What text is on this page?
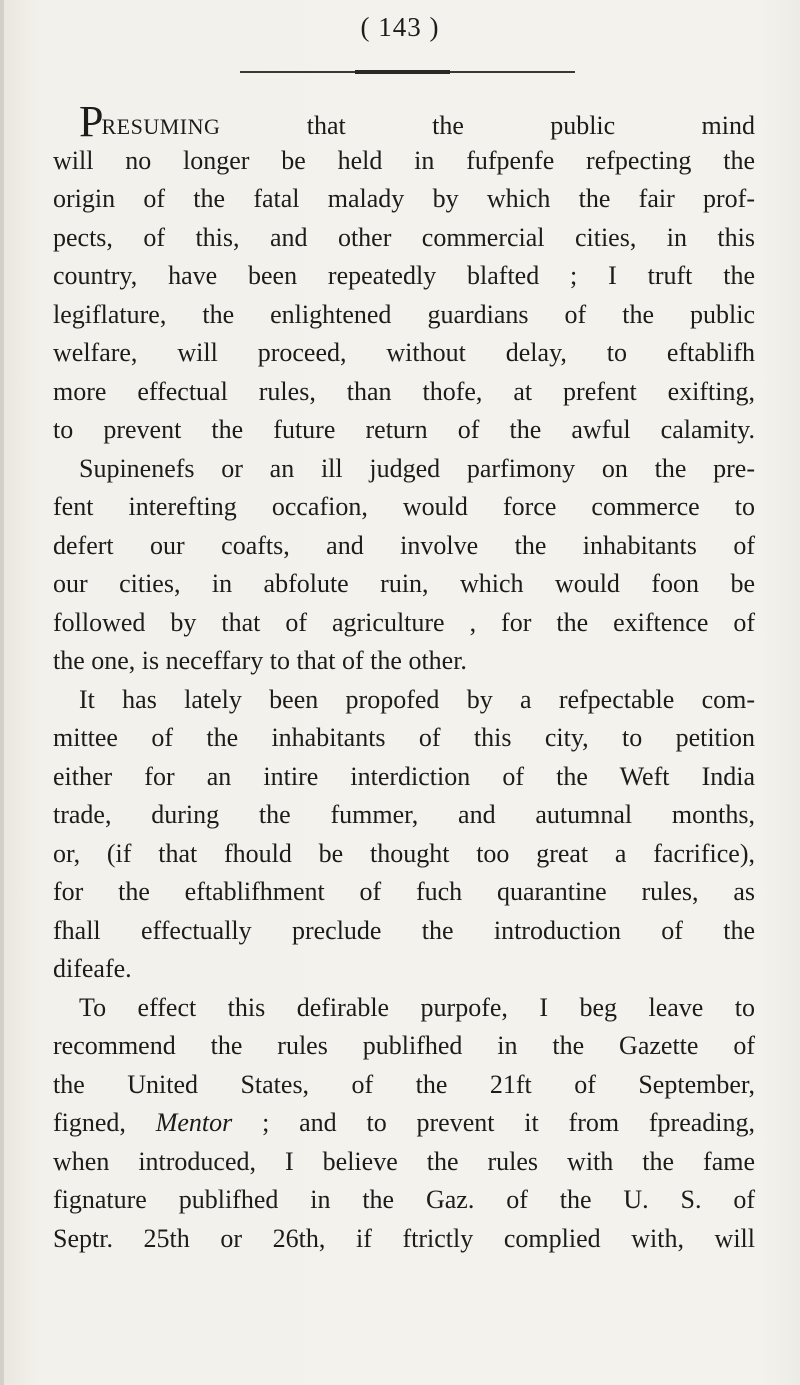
( 143 )
PRESUMING that the public mind
will no longer be held in fufpenfe refpecting the
origin of the fatal malady by which the fair prof-
pects, of this, and other commercial cities, in this
country, have been repeatedly blafted ; I truft the
legiflature, the enlightened guardians of the public
welfare, will proceed, without delay, to eftablifh
more effectual rules, than thofe, at prefent exifting,
to prevent the future return of the awful calamity.
Supinenefs or an ill judged parfimony on the pre-
fent interefting occafion, would force commerce to
defert our coafts, and involve the inhabitants of
our cities, in abfolute ruin, which would foon be
followed by that of agriculture , for the exiftence of
the one, is neceffary to that of the other.
It has lately been propofed by a refpectable com-
mittee of the inhabitants of this city, to petition
either for an intire interdiction of the Weft India
trade, during the fummer, and autumnal months,
or, (if that fhould be thought too great a facrifice),
for the eftablifhment of fuch quarantine rules, as
fhall effectually preclude the introduction of the
difeafe.
To effect this defirable purpofe, I beg leave to
recommend the rules publifhed in the Gazette of
the United States, of the 21ft of September,
figned, Mentor ; and to prevent it from fpreading,
when introduced, I believe the rules with the fame
fignature publifhed in the Gaz. of the U. S. of
Septr. 25th or 26th, if ftrictly complied with, will
